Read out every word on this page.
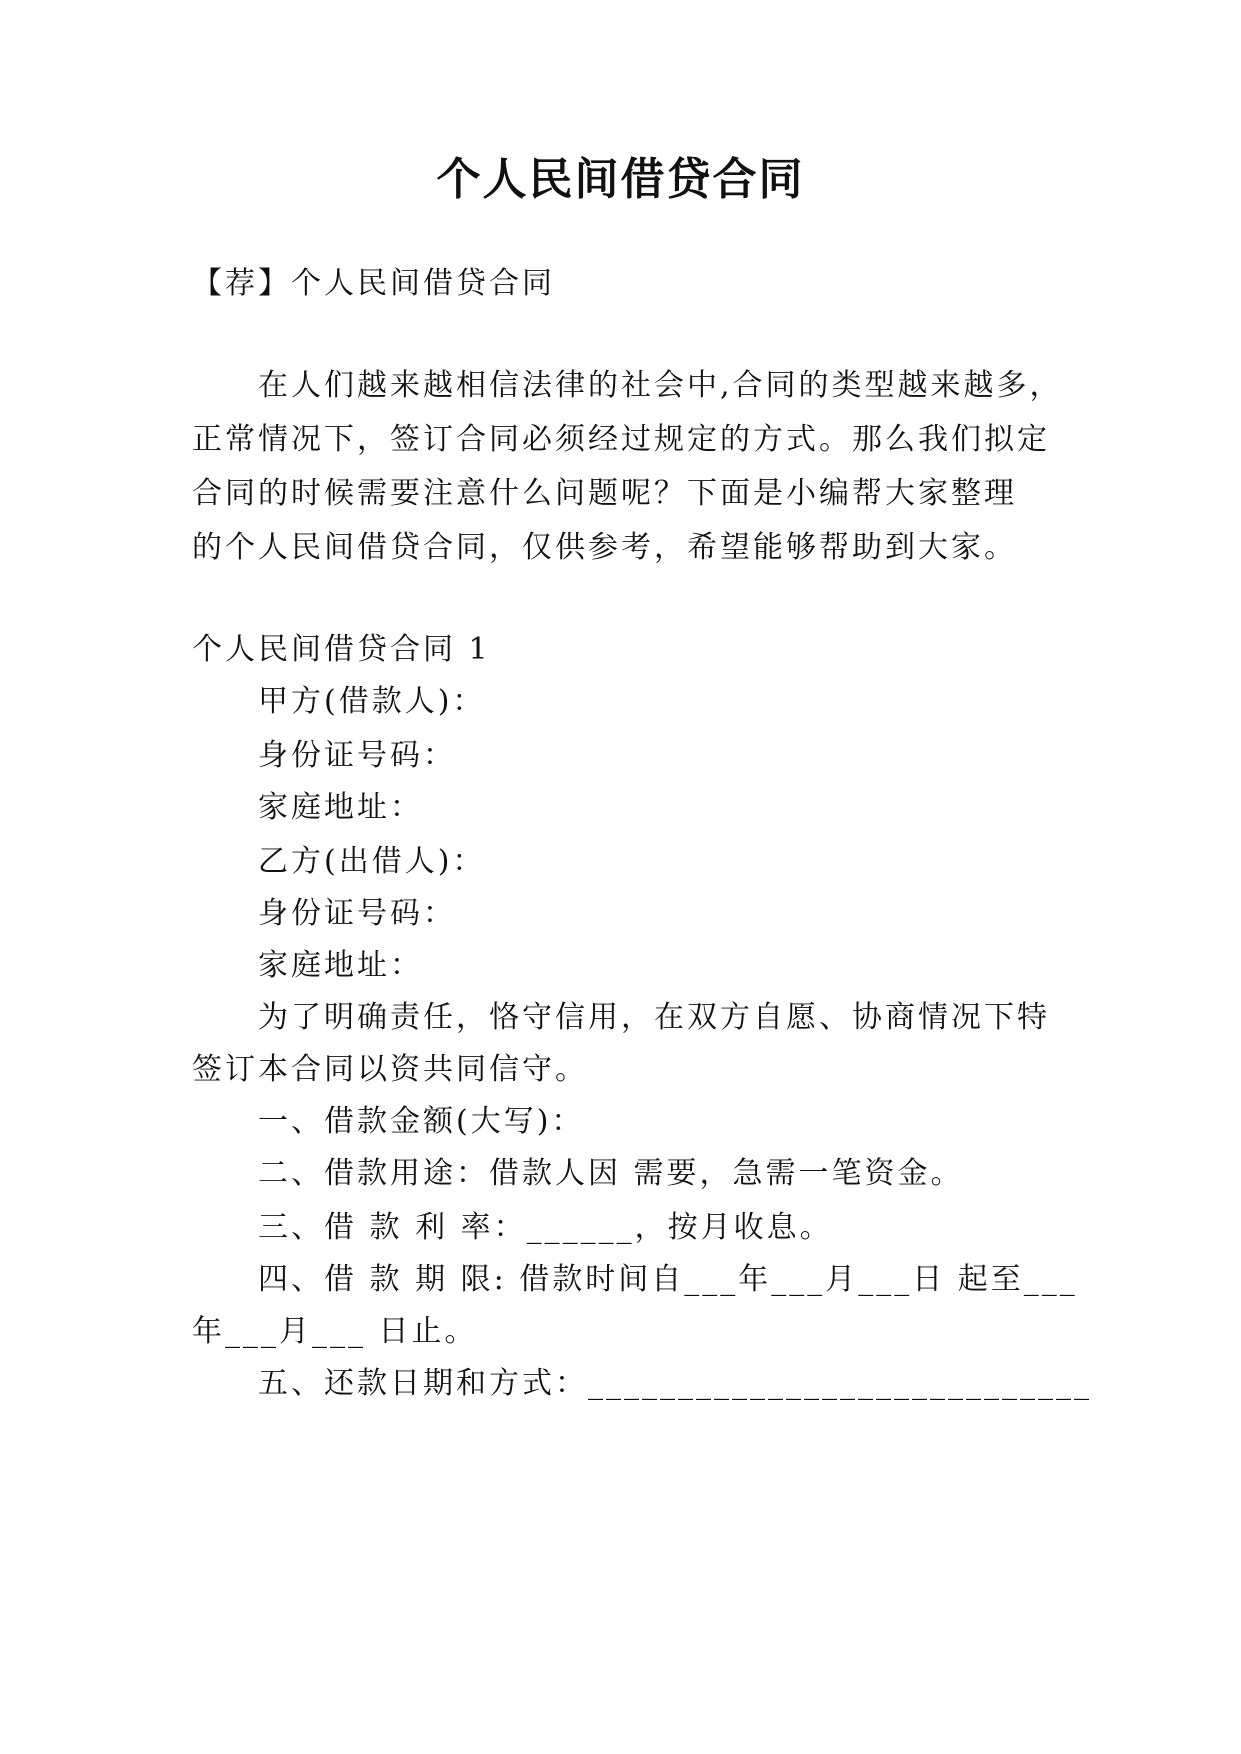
个人民间借贷合同
【荐】个人民间借贷合同
在人们越来越相信法律的社会中,合同的类型越来越多，
正常情况下，签订合同必须经过规定的方式。那么我们拟定
合同的时候需要注意什么问题呢？下面是小编帮大家整理
的个人民间借贷合同，仅供参考，希望能够帮助到大家。
个人民间借贷合同 1
甲方(借款人)：
身份证号码：
家庭地址：
乙方(出借人)：
身份证号码：
家庭地址：
为了明确责任，恪守信用，在双方自愿、协商情况下特
签订本合同以资共同信守。
一、借款金额(大写)：
二、借款用途：借款人因 需要，急需一笔资金。
三、借 款 利 率：______，按月收息。
四、借 款 期 限: 借款时间自___年___月___日 起至___
年___月___ 日止。
五、还款日期和方式：____________________________
